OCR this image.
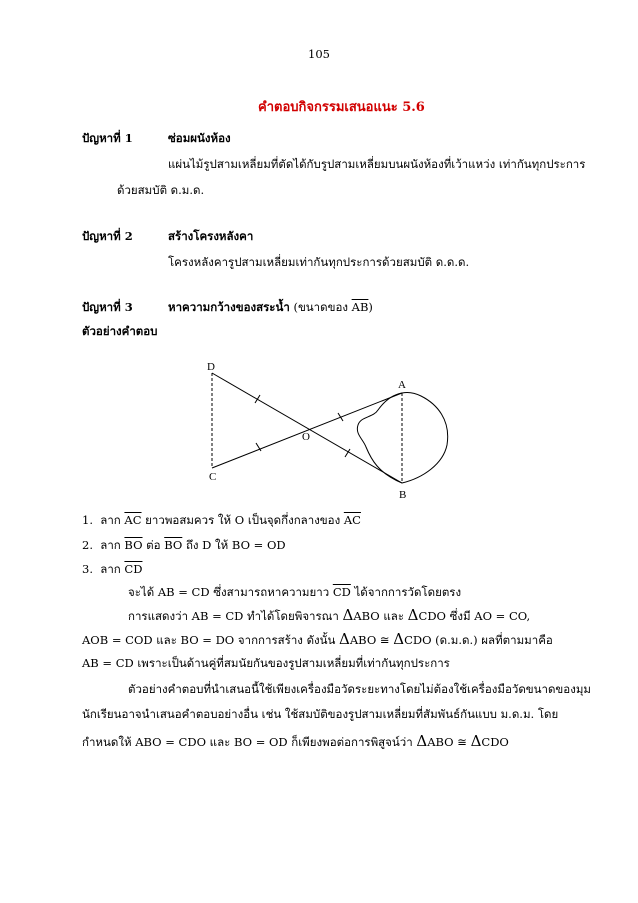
105
คำตอบกิจกรรมเสนอแนะ 5.6
ปัญหาที่ 1	ซ่อมผนังห้อง
แผ่นไม้รูปสามเหลี่ยมที่ตัดได้กับรูปสามเหลี่ยมบนผนังห้องที่เว้าแหว่ง เท่ากันทุกประการ
ด้วยสมบัติ ด.ม.ด.
ปัญหาที่ 2	สร้างโครงหลังคา
โครงหลังคารูปสามเหลี่ยมเท่ากันทุกประการด้วยสมบัติ ด.ด.ด.
ปัญหาที่ 3	หาความกว้างของสระน้ำ (ขนาดของ $\overline{AB}$)
ตัวอย่างคำตอบ
D
A
O
C
B
1. ลาก $\overline{AC}$ ยาวพอสมควร ให้ O เป็นจุดกึ่งกลางของ $\overline{AC}$
2. ลาก $\overline{BO}$ ต่อ $\overline{BO}$ ถึง D ให้ BO = OD
3. ลาก $\overline{CD}$
จะได้ AB = CD ซึ่งสามารถหาความยาว $\overline{CD}$ ได้จากการวัดโดยตรง
การแสดงว่า AB = CD ทำได้โดยพิจารณา ΔABO และ ΔCDO ซึ่งมี AO = CO,
AOB = COD และ BO = DO จากการสร้าง ดังนั้น ΔABO ≅ ΔCDO (ด.ม.ด.) ผลที่ตามมาคือ
AB = CD เพราะเป็นด้านคู่ที่สมนัยกันของรูปสามเหลี่ยมที่เท่ากันทุกประการ
ตัวอย่างคำตอบที่นำเสนอนี้ใช้เพียงเครื่องมือวัดระยะทางโดยไม่ต้องใช้เครื่องมือวัดขนาดของมุม
นักเรียนอาจนำเสนอคำตอบอย่างอื่น เช่น ใช้สมบัติของรูปสามเหลี่ยมที่สัมพันธ์กันแบบ ม.ด.ม. โดย
กำหนดให้ ABO = CDO และ BO = OD ก็เพียงพอต่อการพิสูจน์ว่า ΔABO ≅ ΔCDO
